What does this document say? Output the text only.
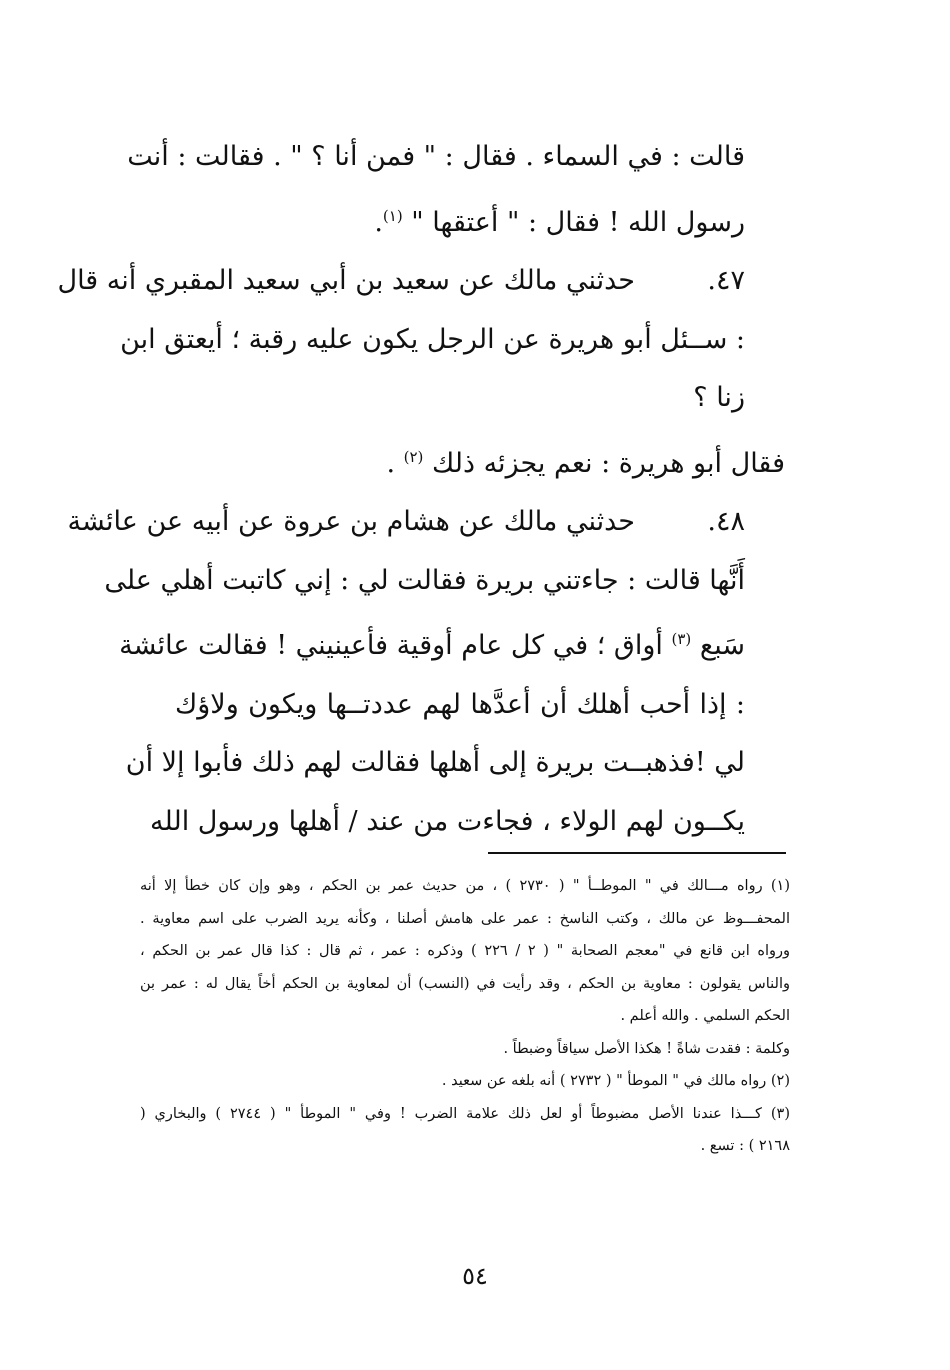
قالت : في السماء . فقال : " فمن أنا ؟ " . فقالت : أنت
رسول الله ! فقال : " أعتقها " $^{(١)}$.
٤٧.حدثني مالك عن سعيد بن أبي سعيد المقبري أنه قال
: ســئل أبو هريرة عن الرجل يكون عليه رقبة ؛ أيعتق ابن
زنا ؟
فقال أبو هريرة : نعم يجزئه ذلك $^{(٢)}$ .
٤٨.حدثني مالك عن هشام بن عروة عن أبيه عن عائشة
أَنَّها قالت : جاءتني بريرة فقالت لي : إني كاتبت أهلي على
سَبع $^{(٣)}$ أواق ؛ في كل عام أوقية فأعينيني ! فقالت عائشة
: إذا أحب أهلك أن أعدَّها لهم عددتــها ويكون ولاؤك
لي !فذهبــت بريرة إلى أهلها فقالت لهم ذلك فأبوا إلا أن
يكــون لهم الولاء ، فجاءت من عند / أهلها ورسول الله
(١) رواه مـــالك في " الموطــأ " ( ٢٧٣٠ ) ، من حديث عمر بن الحكم ، وهو وإن كان خطأ إلا أنه
المحفـــوظ عن مالك ، وكتب الناسخ : عمر على هامش أصلنا ، وكأنه يريد الضرب على اسم معاوية .
ورواه ابن قانع في "معجم الصحابة " ( ٢ / ٢٢٦ ) وذكره : عمر ، ثم قال : كذا قال عمر بن الحكم ،
والناس يقولون : معاوية بن الحكم ، وقد رأيت في (النسب) أن لمعاوية بن الحكم أخاً يقال له : عمر بن
الحكم السلمي . والله أعلم .
وكلمة : فقدت شاةً ! هكذا الأصل سياقاً وضبطاً .
(٢) رواه مالك في " الموطأ " ( ٢٧٣٢ ) أنه بلغه عن سعيد .
(٣) كـــذا عندنا الأصل مضبوطاً أو لعل ذلك علامة الضرب ! وفي " الموطأ " ( ٢٧٤٤ ) والبخاري (
٢١٦٨ ) : تسع .
٥٤
